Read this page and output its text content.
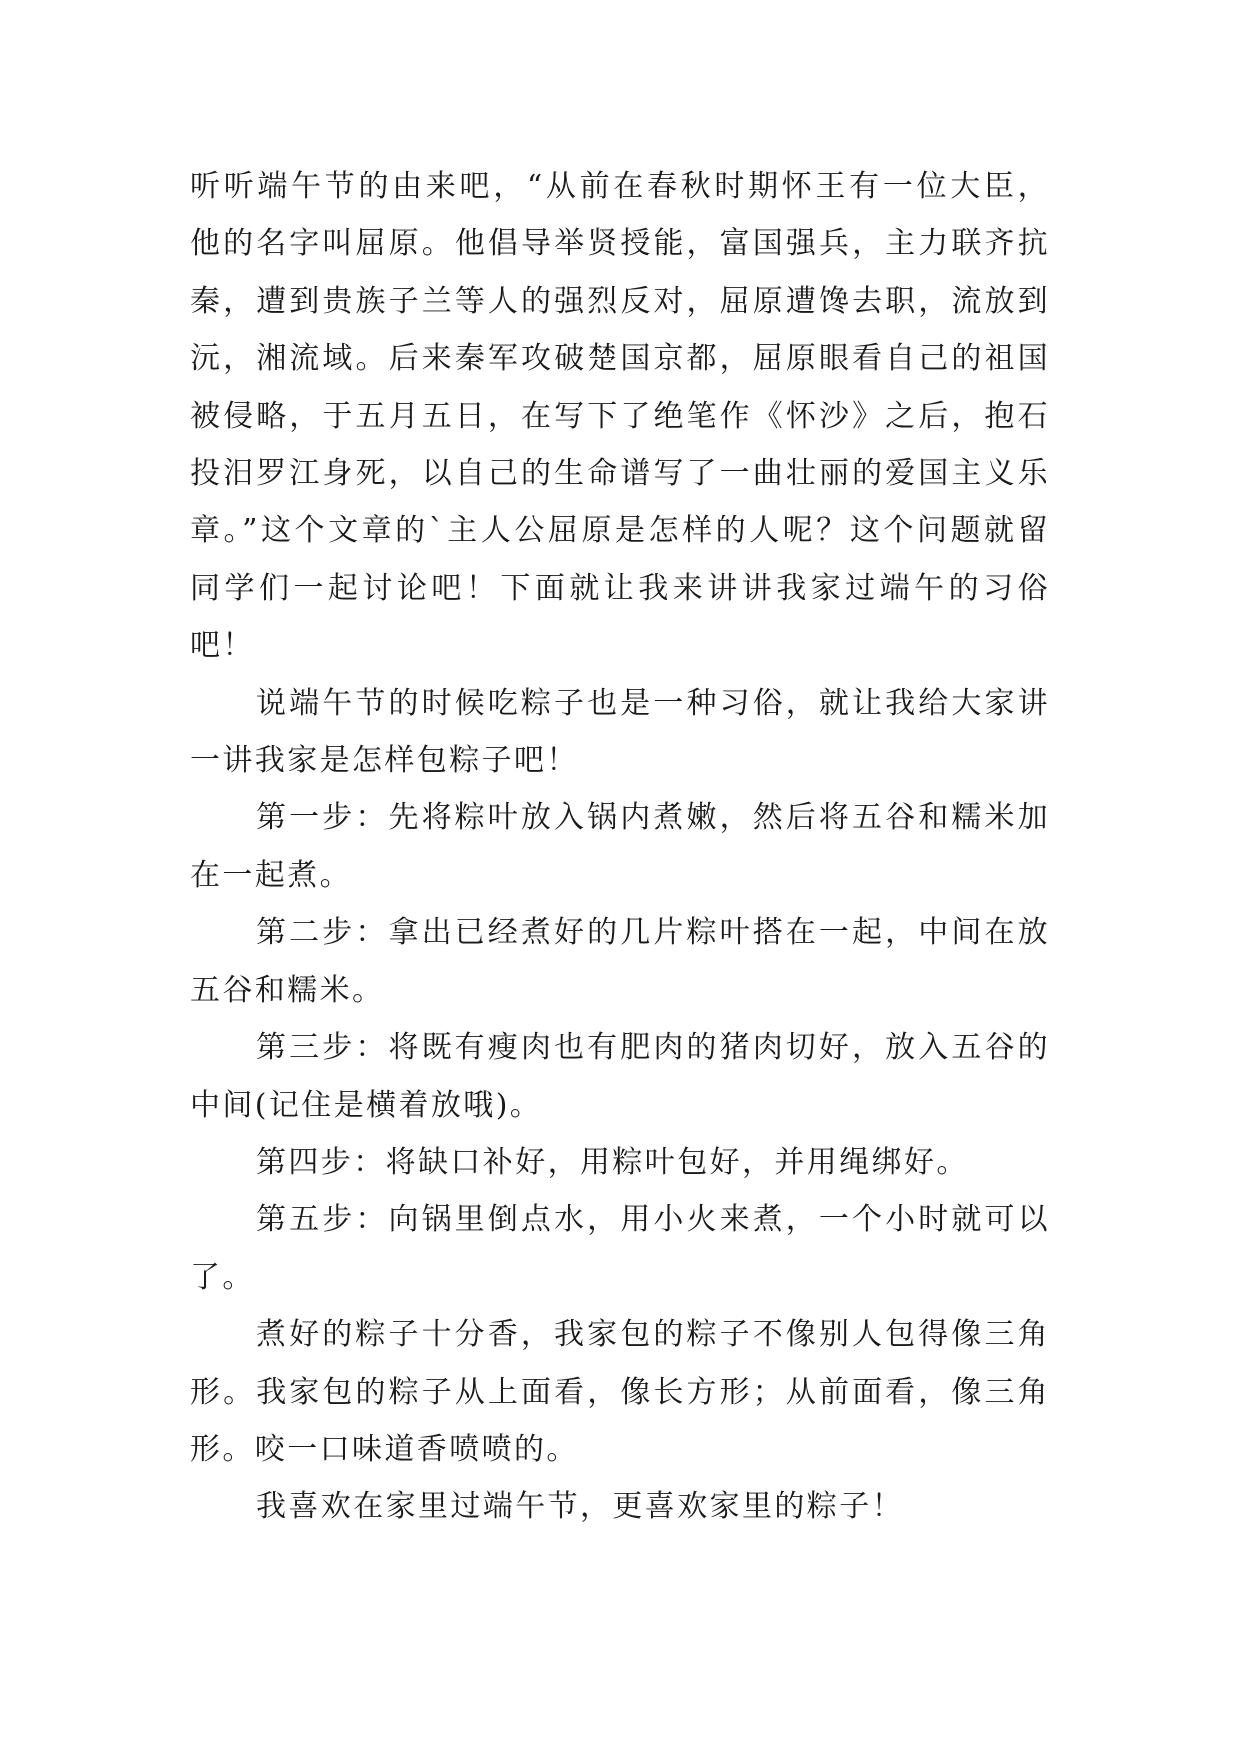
听听端午节的由来吧，“从前在春秋时期怀王有一位大臣，他的名字叫屈原。他倡导举贤授能，富国强兵，主力联齐抗秦，遭到贵族子兰等人的强烈反对，屈原遭馋去职，流放到沅，湘流域。后来秦军攻破楚国京都，屈原眼看自己的祖国被侵略，于五月五日，在写下了绝笔作《怀沙》之后，抱石投汨罗江身死，以自己的生命谱写了一曲壮丽的爱国主义乐章。”这个文章的`主人公屈原是怎样的人呢？这个问题就留同学们一起讨论吧！下面就让我来讲讲我家过端午的习俗吧！

说端午节的时候吃粽子也是一种习俗，就让我给大家讲一讲我家是怎样包粽子吧！

第一步：先将粽叶放入锅内煮嫩，然后将五谷和糯米加在一起煮。

第二步：拿出已经煮好的几片粽叶搭在一起，中间在放五谷和糯米。

第三步：将既有瘦肉也有肥肉的猪肉切好，放入五谷的中间(记住是横着放哦)。

第四步：将缺口补好，用粽叶包好，并用绳绑好。

第五步：向锅里倒点水，用小火来煮，一个小时就可以了。

煮好的粽子十分香，我家包的粽子不像别人包得像三角形。我家包的粽子从上面看，像长方形；从前面看，像三角形。咬一口味道香喷喷的。

我喜欢在家里过端午节，更喜欢家里的粽子！
